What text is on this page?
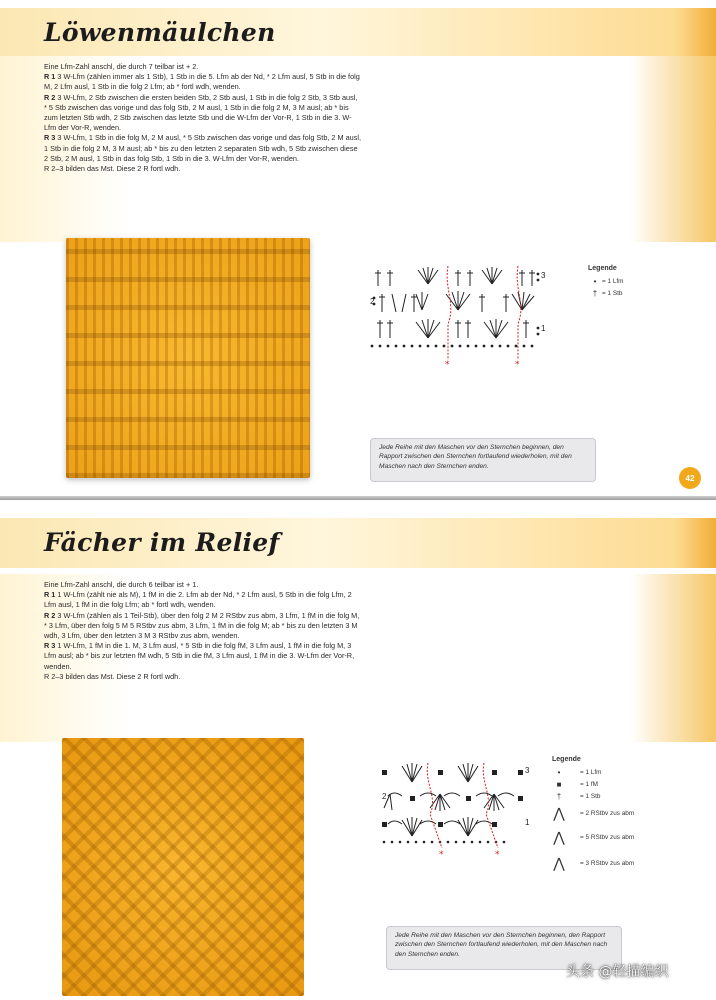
Löwenmäulchen

Eine Lfm-Zahl anschl, die durch 7 teilbar ist + 2.

R 1 3 W-Lfm (zählen immer als 1 Stb), 1 Stb in die 5. Lfm ab der Nd, * 2 Lfm ausl, 5 Stb in die folg M, 2 Lfm ausl, 1 Stb in die folg 2 Lfm; ab * fortl wdh, wenden.

R 2 3 W-Lfm, 2 Stb zwischen die ersten beiden Stb, 2 Stb ausl, 1 Stb in die folg 2 Stb, 3 Stb ausl, * 5 Stb zwischen das vorige und das folg Stb, 2 M ausl, 1 Stb in die folg 2 M, 3 M ausl; ab * bis zum letzten Stb wdh, 2 Stb zwischen das letzte Stb und die W-Lfm der Vor-R, 1 Stb in die 3. W-Lfm der Vor-R, wenden.

R 3 3 W-Lfm, 1 Stb in die folg M, 2 M ausl, * 5 Stb zwischen das vorige und das folg Stb, 2 M ausl, 1 Stb in die folg 2 M, 3 M ausl; ab * bis zu den letzten 2 separaten Stb wdh, 5 Stb zwischen diese 2 Stb, 2 M ausl, 1 Stb in das folg Stb, 1 Stb in die 3. W-Lfm der Vor-R, wenden.

R 2–3 bilden das Mst. Diese 2 R fortl wdh.

*	*
3
2
1
Legende
• = 1 Lfm
† = 1 Stb
Jede Reihe mit den Maschen vor den Sternchen beginnen, den Rapport zwischen den Sternchen fortlaufend wiederholen, mit den Maschen nach den Sternchen enden.
42
Fächer im Relief

Eine Lfm-Zahl anschl, die durch 6 teilbar ist + 1.

R 1 1 W-Lfm (zählt nie als M), 1 fM in die 2. Lfm ab der Nd, * 2 Lfm ausl, 5 Stb in die folg Lfm, 2 Lfm ausl, 1 fM in die folg Lfm; ab * fortl wdh, wenden.

R 2 3 W-Lfm (zählen als 1 Teil-Stb), über den folg 2 M 2 RStbv zus abm, 3 Lfm, 1 fM in die folg M, * 3 Lfm, über den folg 5 M 5 RStbv zus abm, 3 Lfm, 1 fM in die folg M; ab * bis zu den letzten 3 M wdh, 3 Lfm, über den letzten 3 M 3 RStbv zus abm, wenden.

R 3 1 W-Lfm, 1 fM in die 1. M, 3 Lfm ausl, * 5 Stb in die folg fM, 3 Lfm ausl, 1 fM in die folg M, 3 Lfm ausl; ab * bis zur letzten fM wdh, 5 Stb in die fM, 3 Lfm ausl, 1 fM in die 3. W-Lfm der Vor-R, wenden.

R 2–3 bilden das Mst. Diese 2 R fortl wdh.

*	*
3
2
1
Legende
•	= 1 Lfm
■	= 1 fM
†	= 1 Stb
⋀ = 2 RStbv zus abm
⋀ = 5 RStbv zus abm
⋀ = 3 RStbv zus abm
Jede Reihe mit den Maschen vor den Sternchen beginnen, den Rapport zwischen den Sternchen fortlaufend wiederholen, mit den Maschen nach den Sternchen enden.
头条 @轻描编织
